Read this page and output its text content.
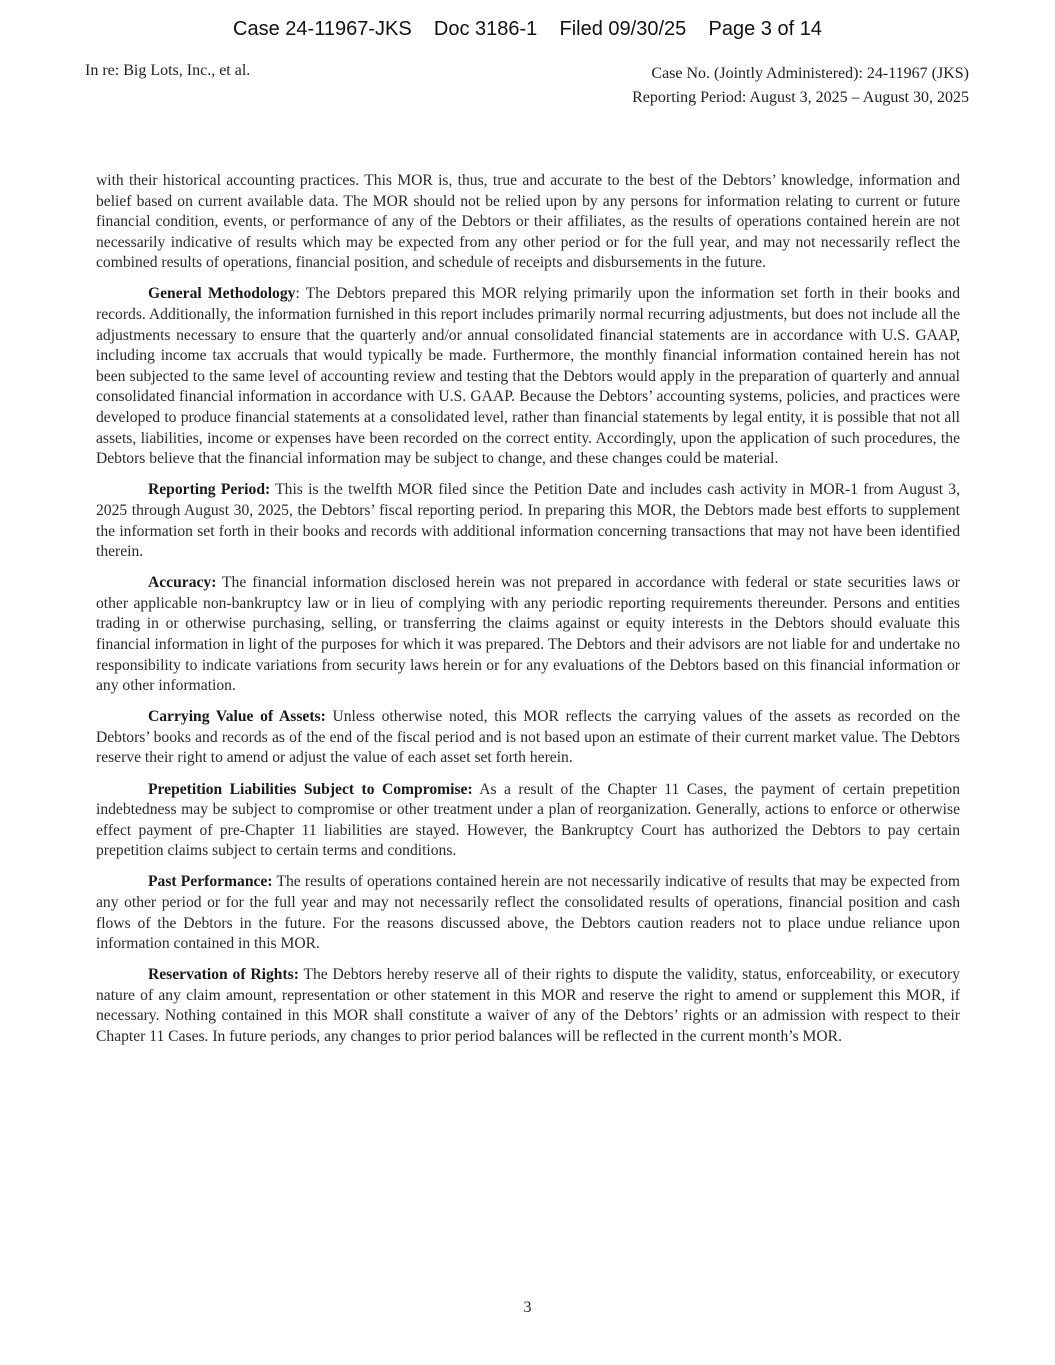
Case 24-11967-JKS    Doc 3186-1    Filed 09/30/25    Page 3 of 14
In re: Big Lots, Inc., et al.	Case No. (Jointly Administered): 24-11967 (JKS)
Reporting Period: August 3, 2025 – August 30, 2025

with their historical accounting practices. This MOR is, thus, true and accurate to the best of the Debtors’ knowledge, information and belief based on current available data. The MOR should not be relied upon by any persons for information relating to current or future financial condition, events, or performance of any of the Debtors or their affiliates, as the results of operations contained herein are not necessarily indicative of results which may be expected from any other period or for the full year, and may not necessarily reflect the combined results of operations, financial position, and schedule of receipts and disbursements in the future.

General Methodology: The Debtors prepared this MOR relying primarily upon the information set forth in their books and records. Additionally, the information furnished in this report includes primarily normal recurring adjustments, but does not include all the adjustments necessary to ensure that the quarterly and/or annual consolidated financial statements are in accordance with U.S. GAAP, including income tax accruals that would typically be made. Furthermore, the monthly financial information contained herein has not been subjected to the same level of accounting review and testing that the Debtors would apply in the preparation of quarterly and annual consolidated financial information in accordance with U.S. GAAP. Because the Debtors’ accounting systems, policies, and practices were developed to produce financial statements at a consolidated level, rather than financial statements by legal entity, it is possible that not all assets, liabilities, income or expenses have been recorded on the correct entity. Accordingly, upon the application of such procedures, the Debtors believe that the financial information may be subject to change, and these changes could be material.

Reporting Period: This is the twelfth MOR filed since the Petition Date and includes cash activity in MOR-1 from August 3, 2025 through August 30, 2025, the Debtors’ fiscal reporting period. In preparing this MOR, the Debtors made best efforts to supplement the information set forth in their books and records with additional information concerning transactions that may not have been identified therein.

Accuracy: The financial information disclosed herein was not prepared in accordance with federal or state securities laws or other applicable non-bankruptcy law or in lieu of complying with any periodic reporting requirements thereunder. Persons and entities trading in or otherwise purchasing, selling, or transferring the claims against or equity interests in the Debtors should evaluate this financial information in light of the purposes for which it was prepared. The Debtors and their advisors are not liable for and undertake no responsibility to indicate variations from security laws herein or for any evaluations of the Debtors based on this financial information or any other information.

Carrying Value of Assets: Unless otherwise noted, this MOR reflects the carrying values of the assets as recorded on the Debtors’ books and records as of the end of the fiscal period and is not based upon an estimate of their current market value. The Debtors reserve their right to amend or adjust the value of each asset set forth herein.

Prepetition Liabilities Subject to Compromise: As a result of the Chapter 11 Cases, the payment of certain prepetition indebtedness may be subject to compromise or other treatment under a plan of reorganization. Generally, actions to enforce or otherwise effect payment of pre-Chapter 11 liabilities are stayed. However, the Bankruptcy Court has authorized the Debtors to pay certain prepetition claims subject to certain terms and conditions.

Past Performance: The results of operations contained herein are not necessarily indicative of results that may be expected from any other period or for the full year and may not necessarily reflect the consolidated results of operations, financial position and cash flows of the Debtors in the future. For the reasons discussed above, the Debtors caution readers not to place undue reliance upon information contained in this MOR.

Reservation of Rights: The Debtors hereby reserve all of their rights to dispute the validity, status, enforceability, or executory nature of any claim amount, representation or other statement in this MOR and reserve the right to amend or supplement this MOR, if necessary. Nothing contained in this MOR shall constitute a waiver of any of the Debtors’ rights or an admission with respect to their Chapter 11 Cases. In future periods, any changes to prior period balances will be reflected in the current month’s MOR.

3
